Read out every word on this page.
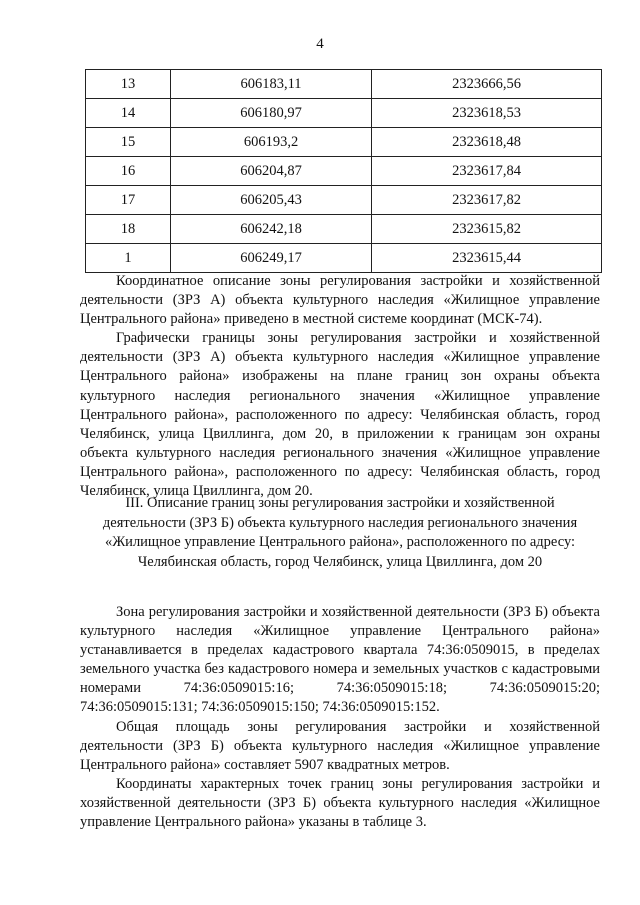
4
13	606183,11	2323666,56
14	606180,97	2323618,53
15	606193,2	2323618,48
16	606204,87	2323617,84
17	606205,43	2323617,82
18	606242,18	2323615,82
1	606249,17	2323615,44

Координатное описание зоны регулирования застройки и хозяйственной деятельности (ЗРЗ А) объекта культурного наследия «Жилищное управление Центрального района» приведено в местной системе координат (МСК-74).

Графически границы зоны регулирования застройки и хозяйственной деятельности (ЗРЗ А) объекта культурного наследия «Жилищное управление Центрального района» изображены на плане границ зон охраны объекта культурного наследия регионального значения «Жилищное управление Центрального района», расположенного по адресу: Челябинская область, город Челябинск, улица Цвиллинга, дом 20, в приложении к границам зон охраны объекта культурного наследия регионального значения «Жилищное управление Центрального района», расположенного по адресу: Челябинская область, город Челябинск, улица Цвиллинга, дом 20.

III. Описание границ зоны регулирования застройки и хозяйственной

деятельности (ЗРЗ Б) объекта культурного наследия регионального значения

«Жилищное управление Центрального района», расположенного по адресу:

Челябинская область, город Челябинск, улица Цвиллинга, дом 20

Зона регулирования застройки и хозяйственной деятельности (ЗРЗ Б) объекта культурного наследия «Жилищное управление Центрального района» устанавливается в пределах кадастрового квартала 74:36:0509015, в пределах земельного участка без кадастрового номера и земельных участков с кадастровыми номерами 74:36:0509015:16; 74:36:0509015:18; 74:36:0509015:20; 74:36:0509015:131; 74:36:0509015:150; 74:36:0509015:152.

Общая площадь зоны регулирования застройки и хозяйственной деятельности (ЗРЗ Б) объекта культурного наследия «Жилищное управление Центрального района» составляет 5907 квадратных метров.

Координаты характерных точек границ зоны регулирования застройки и хозяйственной деятельности (ЗРЗ Б) объекта культурного наследия «Жилищное управление Центрального района» указаны в таблице 3.
